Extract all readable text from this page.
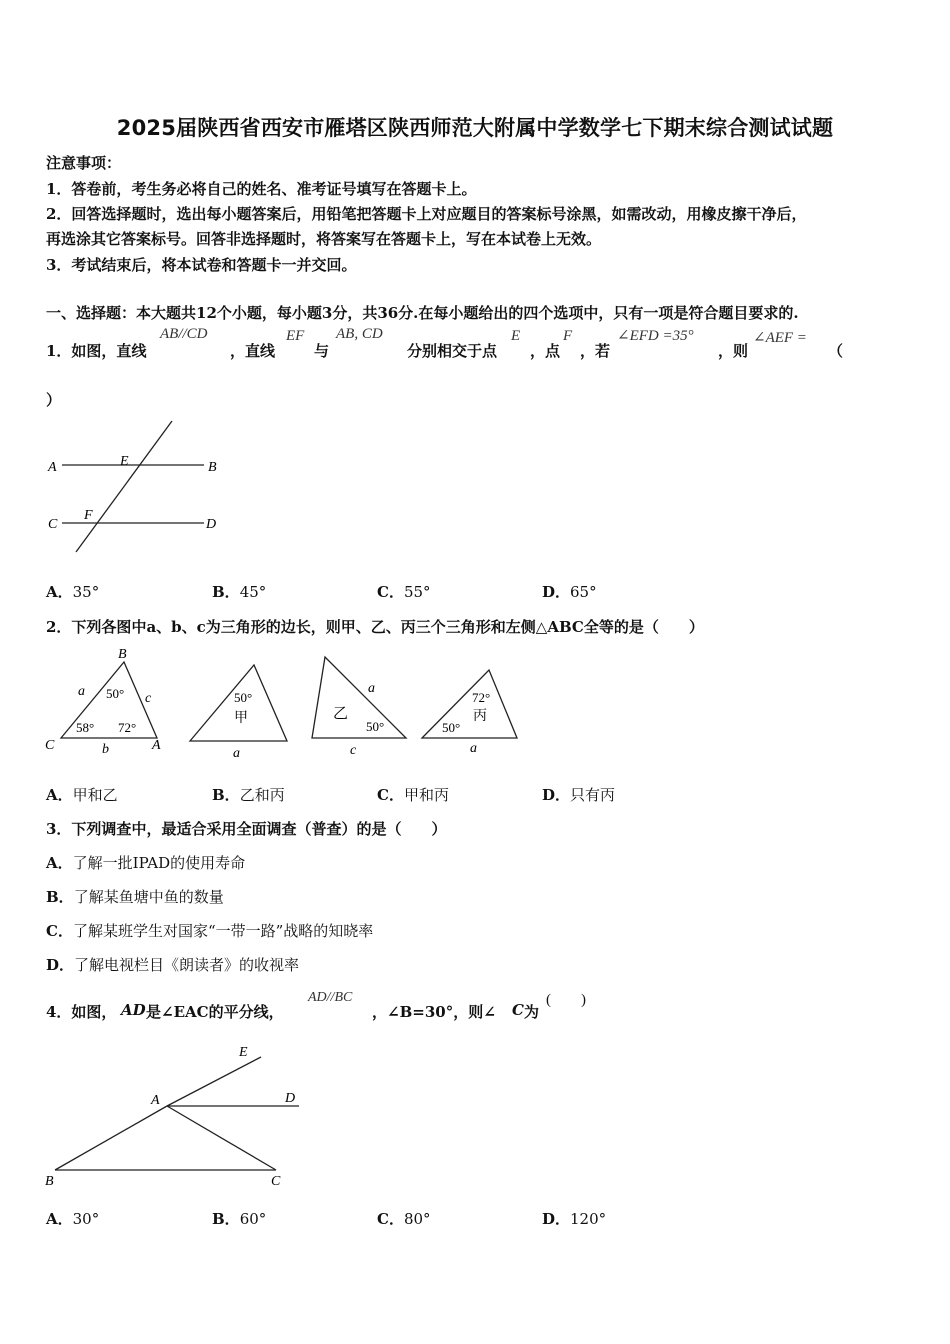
2025届陕西省西安市雁塔区陕西师范大附属中学数学七下期末综合测试试题
注意事项：
1．答卷前，考生务必将自己的姓名、准考证号填写在答题卡上。
2．回答选择题时，选出每小题答案后，用铅笔把答题卡上对应题目的答案标号涂黑，如需改动，用橡皮擦干净后，
再选涂其它答案标号。回答非选择题时，将答案写在答题卡上，写在本试卷上无效。
3．考试结束后，将本试卷和答题卡一并交回。
一、选择题：本大题共12个小题，每小题3分，共36分.在每小题给出的四个选项中，只有一项是符合题目要求的.
1．如图，直线
AB//CD
，直线
EF
与
AB, CD
分别相交于点
E
，点
F
，若
∠EFD =35°
，则
∠AEF =
（
）
A	E	B
C
F
D
A．35°	B．45°	C．55°	D．65°
2．下列各图中a、b、c为三角形的边长，则甲、乙、丙三个三角形和左侧△ABC全等的是（　　）
B
C	A
a	c
b
50°
58° 72°
50°
甲
a
乙
a
50°
c
72°
丙
50°
a
A．甲和乙	B．乙和丙	C．甲和丙	D．只有丙
3．下列调查中，最适合采用全面调查（普查）的是（　　）
A．了解一批IPAD的使用寿命
B．了解某鱼塘中鱼的数量
C．了解某班学生对国家“一带一路”战略的知晓率
D．了解电视栏目《朗读者》的收视率
4．如图， AD 是∠EAC的平分线，
AD//BC
，∠B=30°，则∠ C 为
(　　)
E
A	D
B	C
A．30°	B．60°	C．80°	D．120°
